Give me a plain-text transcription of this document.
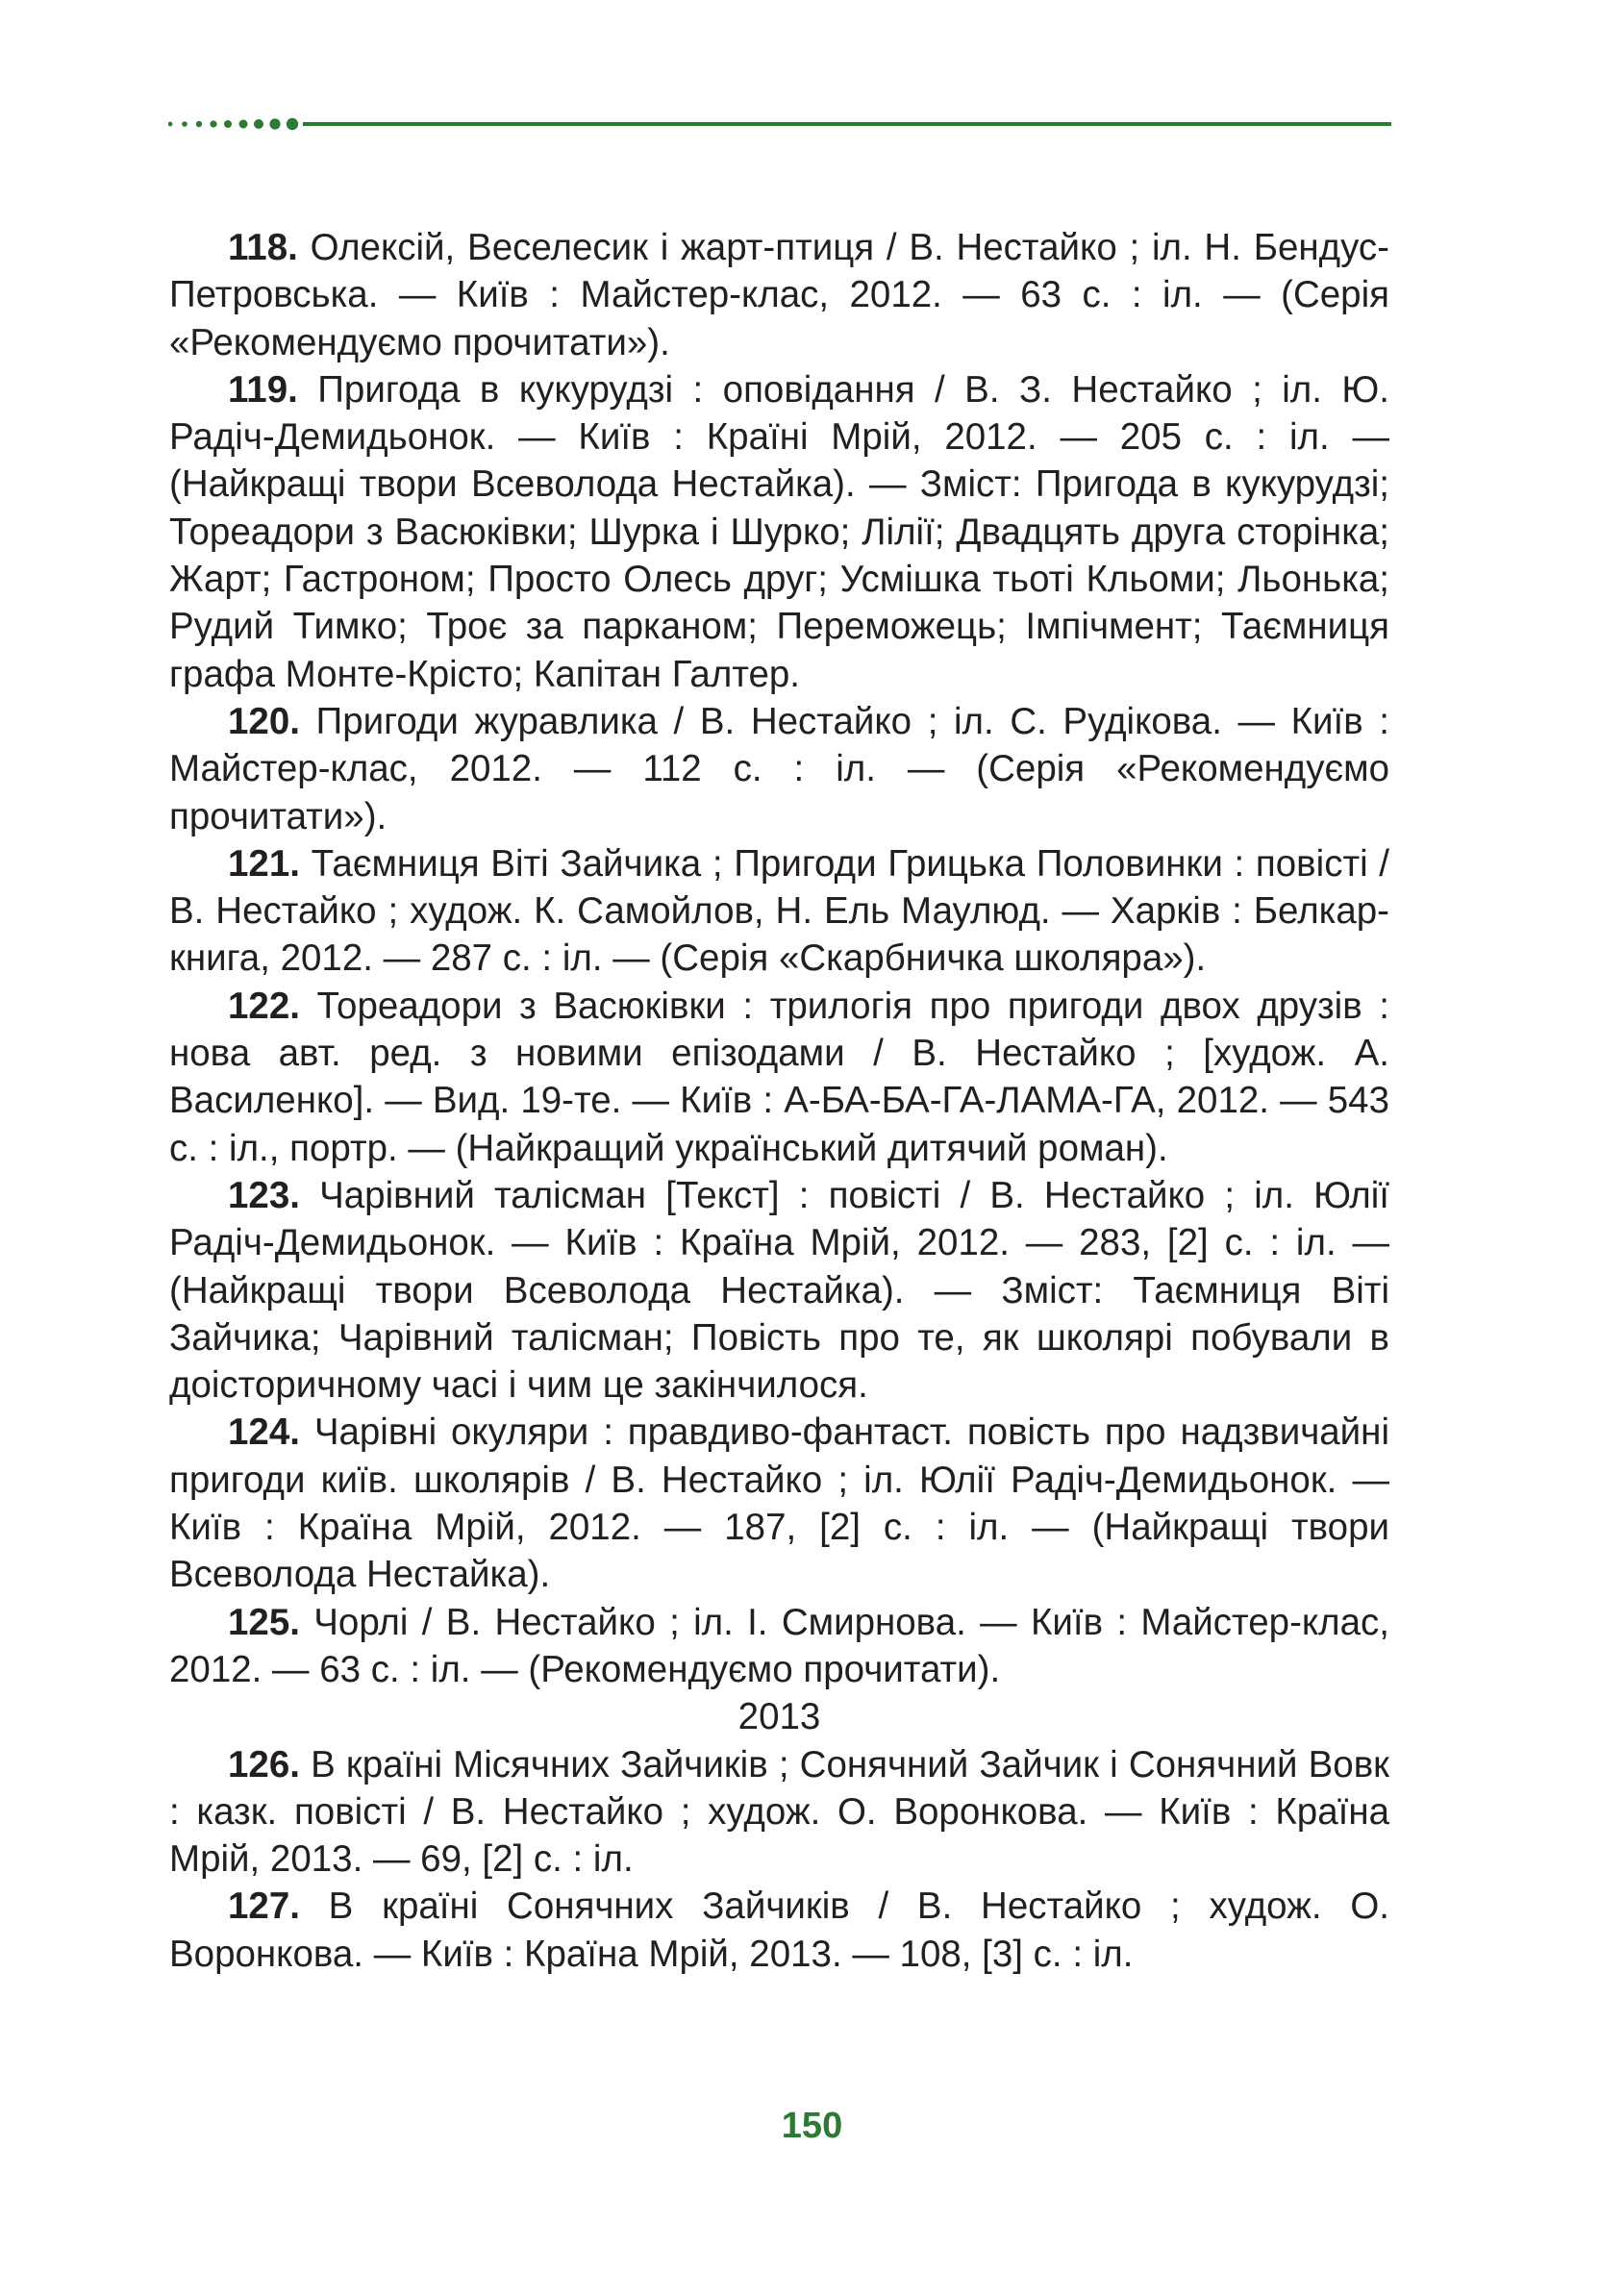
118. Олексій, Веселесик і жарт-птиця / В. Нестайко ; іл. Н. Бендус-Петровська. — Київ : Майстер-клас, 2012. — 63 с. : іл. — (Серія «Рекомендуємо прочитати»).

119. Пригода в кукурудзі : оповідання / В. З. Нестайко ; іл. Ю. Радіч-Демидьонок. — Київ : Країні Мрій, 2012. — 205 с. : іл. — (Найкращі твори Всеволода Нестайка). — Зміст: Пригода в кукурудзі; Тореадори з Васюківки; Шурка і Шурко; Лілії; Двадцять друга сторінка; Жарт; Гастроном; Просто Олесь друг; Усмішка тьоті Кльоми; Льонька; Рудий Тимко; Троє за парканом; Переможець; Імпічмент; Таємниця графа Монте-Крісто; Капітан Галтер.

120. Пригоди журавлика / В. Нестайко ; іл. С. Рудікова. — Київ : Майстер-клас, 2012. — 112 с. : іл. — (Серія «Рекомендуємо прочитати»).

121. Таємниця Віті Зайчика ; Пригоди Грицька Половинки : повісті / В. Нестайко ; худож. К. Самойлов, Н. Ель Маулюд. — Харків : Белкар-книга, 2012. — 287 с. : іл. — (Серія «Скарбничка школяра»).

122. Тореадори з Васюківки : трилогія про пригоди двох друзів : нова авт. ред. з новими епізодами / В. Нестайко ; [худож. А. Василенко]. — Вид. 19-те. — Київ : А-БА-БА-ГА-ЛАМА-ГА, 2012. — 543 с. : іл., портр. — (Найкращий український дитячий роман).

123. Чарівний талісман [Текст] : повісті / В. Нестайко ; іл. Юлії Радіч-Демидьонок. — Київ : Країна Мрій, 2012. — 283, [2] с. : іл. — (Найкращі твори Всеволода Нестайка). — Зміст: Таємниця Віті Зайчика; Чарівний талісман; Повість про те, як школярі побували в доісторичному часі і чим це закінчилося.

124. Чарівні окуляри : правдиво-фантаст. повість про надзвичайні пригоди київ. школярів / В. Нестайко ; іл. Юлії Радіч-Демидьонок. — Київ : Країна Мрій, 2012. — 187, [2] с. : іл. — (Найкращі твори Всеволода Нестайка).

125. Чорлі / В. Нестайко ; іл. І. Смирнова. — Київ : Майстер-клас, 2012. — 63 с. : іл. — (Рекомендуємо прочитати).

2013

126. В країні Місячних Зайчиків ; Сонячний Зайчик і Сонячний Вовк : казк. повісті / В. Нестайко ; худож. О. Воронкова. — Київ : Країна Мрій, 2013. — 69, [2] с. : іл.

127. В країні Сонячних Зайчиків / В. Нестайко ; худож. О. Воронкова. — Київ : Країна Мрій, 2013. — 108, [3] с. : іл.

150
